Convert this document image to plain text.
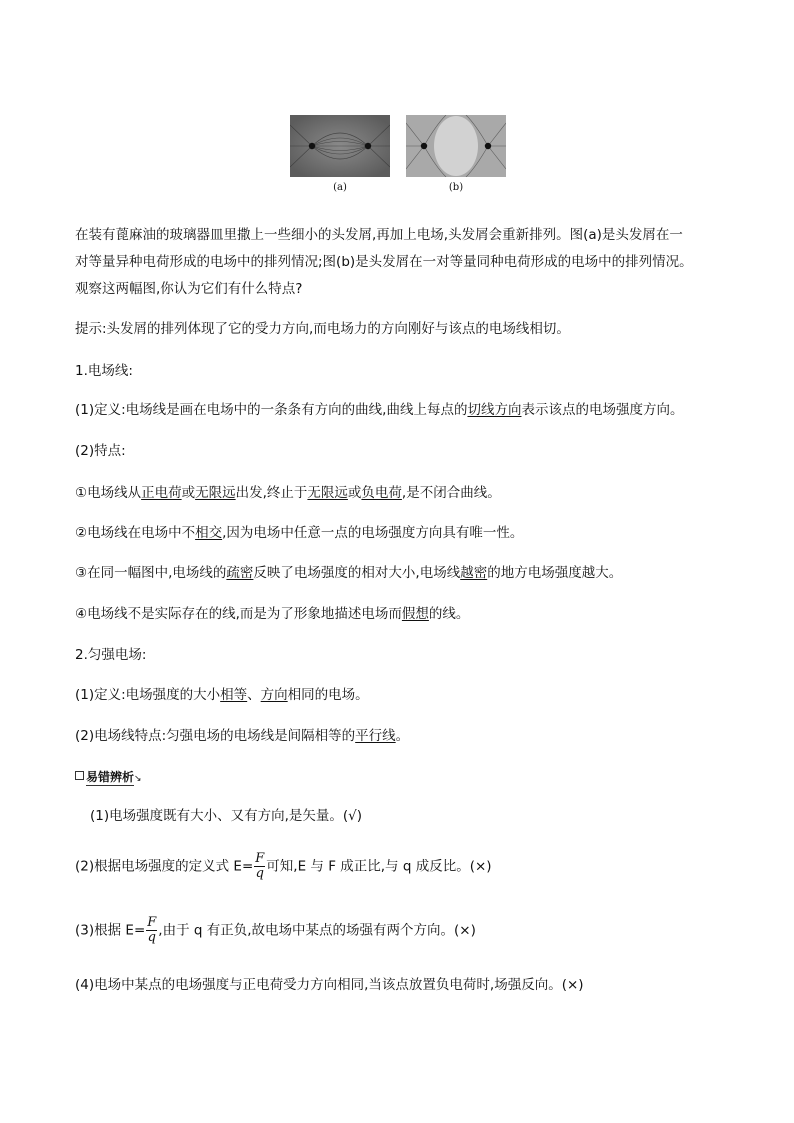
(a)	(b)
在装有蓖麻油的玻璃器皿里撒上一些细小的头发屑,再加上电场,头发屑会重新排列。图(a)是头发屑在一
对等量异种电荷形成的电场中的排列情况;图(b)是头发屑在一对等量同种电荷形成的电场中的排列情况。
观察这两幅图,你认为它们有什么特点?
提示:头发屑的排列体现了它的受力方向,而电场力的方向刚好与该点的电场线相切。
1.电场线:
(1)定义:电场线是画在电场中的一条条有方向的曲线,曲线上每点的切线方向表示该点的电场强度方向。
(2)特点:
①电场线从正电荷或无限远出发,终止于无限远或负电荷,是不闭合曲线。
②电场线在电场中不相交,因为电场中任意一点的电场强度方向具有唯一性。
③在同一幅图中,电场线的疏密反映了电场强度的相对大小,电场线越密的地方电场强度越大。
④电场线不是实际存在的线,而是为了形象地描述电场而假想的线。
2.匀强电场:
(1)定义:电场强度的大小相等、方向相同的电场。
(2)电场线特点:匀强电场的电场线是间隔相等的平行线。
易错辨析↘
(1)电场强度既有大小、又有方向,是矢量。(√)
(2)根据电场强度的定义式 $E= \frac{F}{q}$ 可知,E 与 F 成正比,与 q 成反比。(×)
(3)根据 $E= \frac{F}{q}$ ,由于 q 有正负,故电场中某点的场强有两个方向。(×)
(4)电场中某点的电场强度与正电荷受力方向相同,当该点放置负电荷时,场强反向。(×)
